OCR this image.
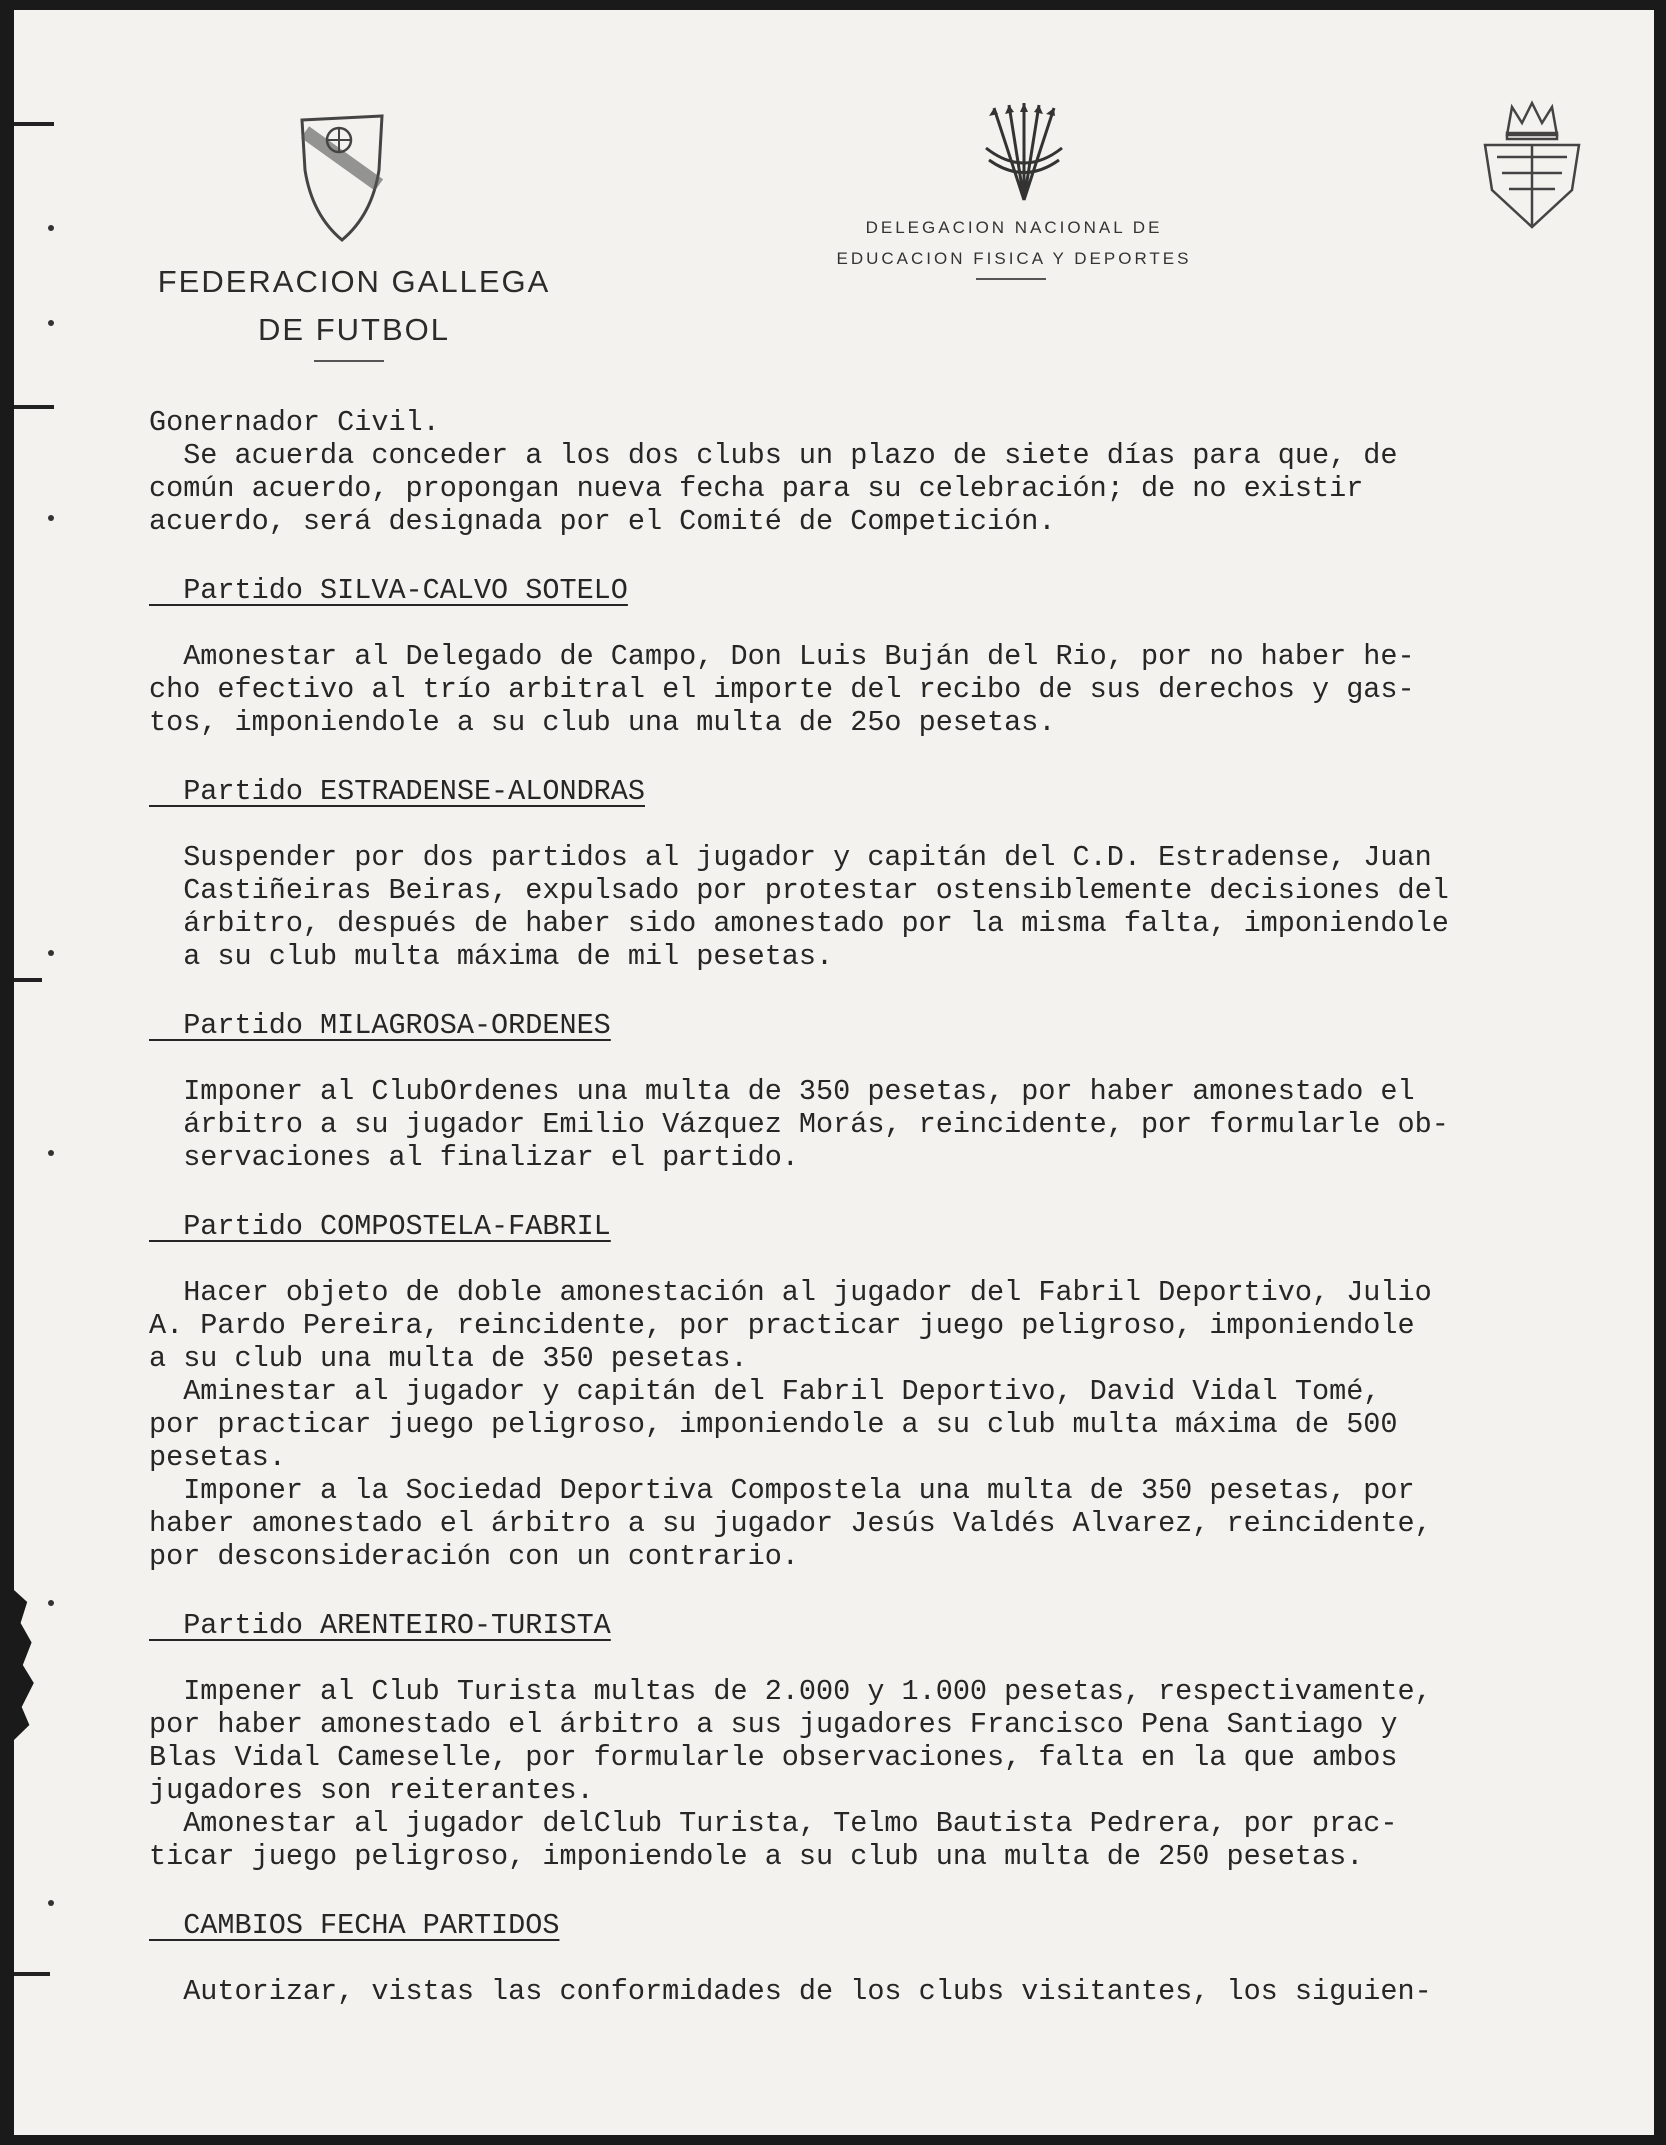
FEDERACION GALLEGA
DE FUTBOL
DELEGACION NACIONAL DE
EDUCACION FISICA Y DEPORTES

Gonernador Civil.

Se acuerda conceder a los dos clubs un plazo de siete días para que, de

común acuerdo, propongan nueva fecha para su celebración; de no existir

acuerdo, será designada por el Comité de Competición.

Partido SILVA-CALVO SOTELO

Amonestar al Delegado de Campo, Don Luis Buján del Rio, por no haber he-

cho efectivo al trío arbitral el importe del recibo de sus derechos y gas-

tos, imponiendole a su club una multa de 25o pesetas.

Partido ESTRADENSE-ALONDRAS

Suspender por dos partidos al jugador y capitán del C.D. Estradense, Juan

Castiñeiras Beiras, expulsado por protestar ostensiblemente decisiones del

árbitro, después de haber sido amonestado por la misma falta, imponiendole

a su club multa máxima de mil pesetas.

Partido MILAGROSA-ORDENES

Imponer al ClubOrdenes una multa de 350 pesetas, por haber amonestado el

árbitro a su jugador Emilio Vázquez Morás, reincidente, por formularle ob-

servaciones al finalizar el partido.

Partido COMPOSTELA-FABRIL

Hacer objeto de doble amonestación al jugador del Fabril Deportivo, Julio

A. Pardo Pereira, reincidente, por practicar juego peligroso, imponiendole

a su club una multa de 350 pesetas.

Aminestar al jugador y capitán del Fabril Deportivo, David Vidal Tomé,

por practicar juego peligroso, imponiendole a su club multa máxima de 500

pesetas.

Imponer a la Sociedad Deportiva Compostela una multa de 350 pesetas, por

haber amonestado el árbitro a su jugador Jesús Valdés Alvarez, reincidente,

por desconsideración con un contrario.

Partido ARENTEIRO-TURISTA

Impener al Club Turista multas de 2.000 y 1.000 pesetas, respectivamente,

por haber amonestado el árbitro a sus jugadores Francisco Pena Santiago y

Blas Vidal Cameselle, por formularle observaciones, falta en la que ambos

jugadores son reiterantes.

Amonestar al jugador delClub Turista, Telmo Bautista Pedrera, por prac-

ticar juego peligroso, imponiendole a su club una multa de 250 pesetas.

CAMBIOS FECHA PARTIDOS

Autorizar, vistas las conformidades de los clubs visitantes, los siguien-
